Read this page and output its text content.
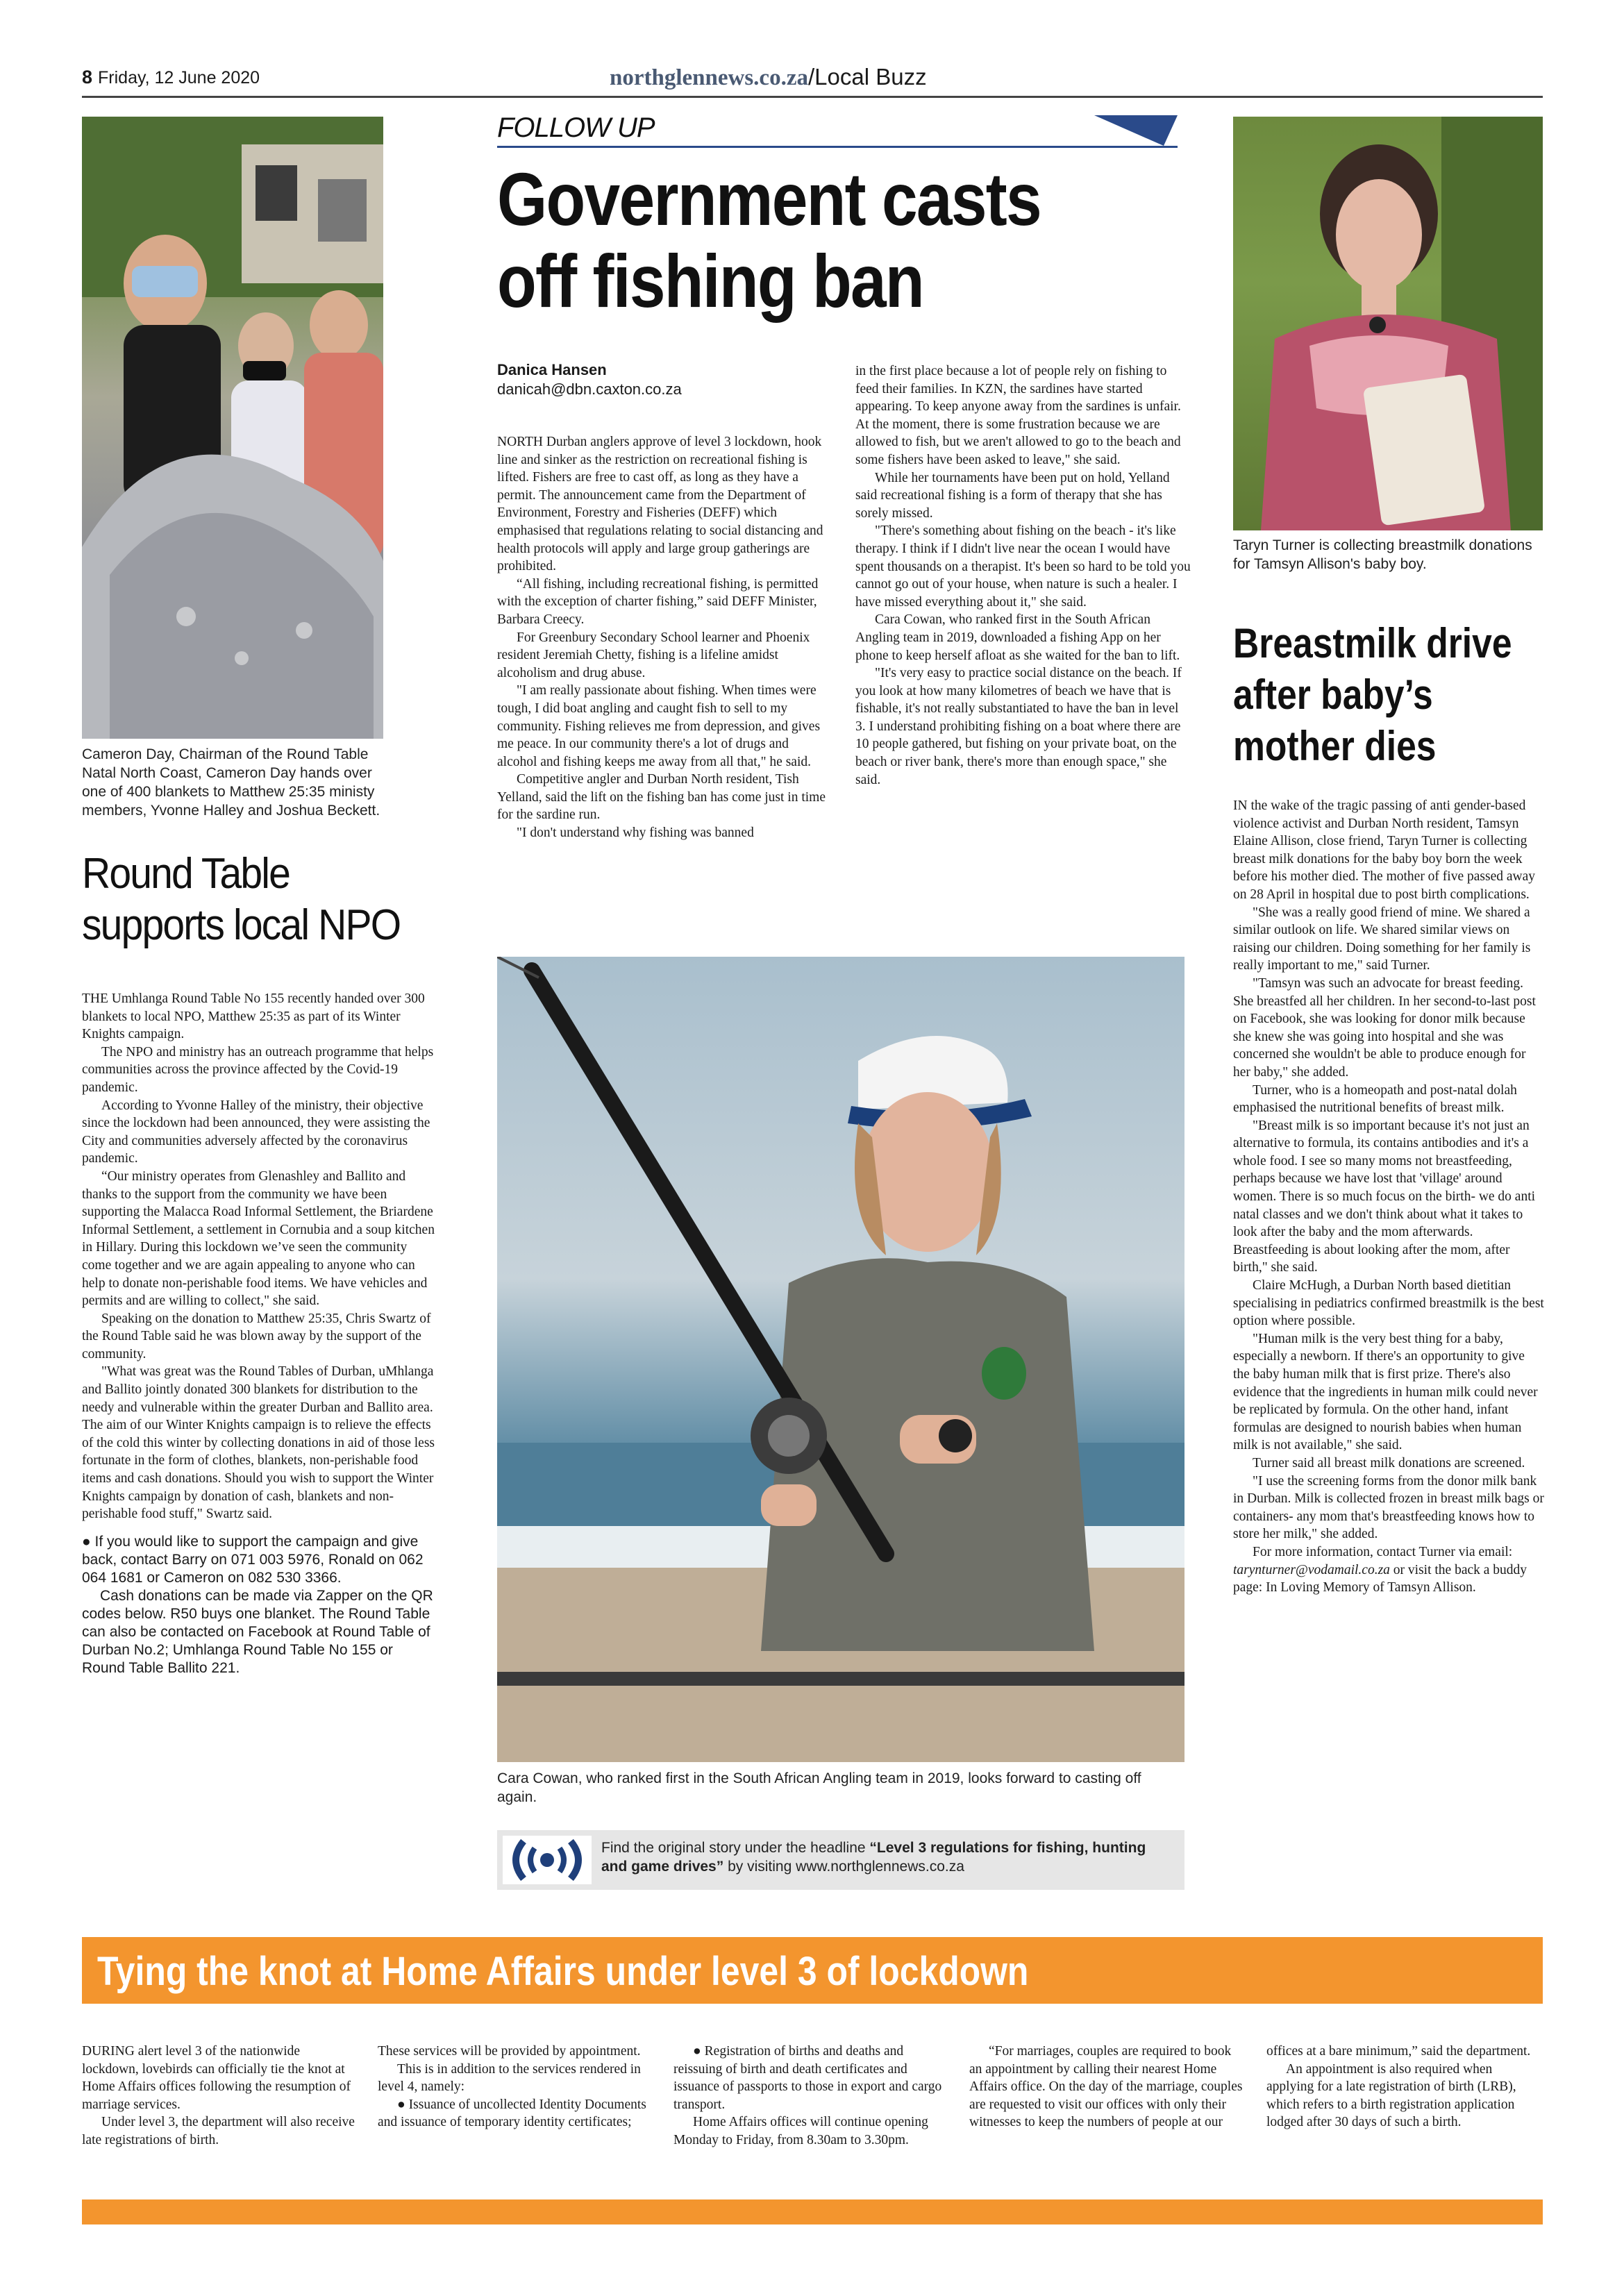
8 Friday, 12 June 2020	northglennews.co.za/Local Buzz
Cameron Day, Chairman of the Round Table Natal North Coast, Cameron Day hands over one of 400 blankets to Matthew 25:35 ministy members, Yvonne Halley and Joshua Beckett.
Round Table
supports local NPO

THE Umhlanga Round Table No 155 recently handed over 300 blankets to local NPO, Matthew 25:35 as part of its Winter Knights campaign.

The NPO and ministry has an outreach programme that helps communities across the province affected by the Covid-19 pandemic.

According to Yvonne Halley of the ministry, their objective since the lockdown had been announced, they were assisting the City and communities adversely affected by the coronavirus pandemic.

“Our ministry operates from Glenashley and Ballito and thanks to the support from the community we have been supporting the Malacca Road Informal Settlement, the Briardene Informal Settlement, a settlement in Cornubia and a soup kitchen in Hillary. During this lockdown we’ve seen the community come together and we are again appealing to anyone who can help to donate non-perishable food items. We have vehicles and permits and are willing to collect," she said.

Speaking on the donation to Matthew 25:35, Chris Swartz of the Round Table said he was blown away by the support of the community.

"What was great was the Round Tables of Durban, uMhlanga and Ballito jointly donated 300 blankets for distribution to the needy and vulnerable within the greater Durban and Ballito area. The aim of our Winter Knights campaign is to relieve the effects of the cold this winter by collecting donations in aid of those less fortunate in the form of clothes, blankets, non-perishable food items and cash donations. Should you wish to support the Winter Knights campaign by donation of cash, blankets and non-perishable food stuff," Swartz said.

● If you would like to support the campaign and give back, contact Barry on 071 003 5976, Ronald on 062 064 1681 or Cameron on 082 530 3366.

Cash donations can be made via Zapper on the QR codes below. R50 buys one blanket. The Round Table can also be contacted on Facebook at Round Table of Durban No.2; Umhlanga Round Table No 155 or Round Table Ballito 221.

FOLLOW UP
Government casts
off fishing ban
Danica Hansen
danicah@dbn.caxton.co.za

NORTH Durban anglers approve of level 3 lockdown, hook line and sinker as the restriction on recreational fishing is lifted. Fishers are free to cast off, as long as they have a permit. The announcement came from the Department of Environment, Forestry and Fisheries (DEFF) which emphasised that regulations relating to social distancing and health protocols will apply and large group gatherings are prohibited.

“All fishing, including recreational fishing, is permitted with the exception of charter fishing,” said DEFF Minister, Barbara Creecy.

For Greenbury Secondary School learner and Phoenix resident Jeremiah Chetty, fishing is a lifeline amidst alcoholism and drug abuse.

"I am really passionate about fishing. When times were tough, I did boat angling and caught fish to sell to my community. Fishing relieves me from depression, and gives me peace. In our community there's a lot of drugs and alcohol and fishing keeps me away from all that," he said.

Competitive angler and Durban North resident, Tish Yelland, said the lift on the fishing ban has come just in time for the sardine run.

"I don't understand why fishing was banned

in the first place because a lot of people rely on fishing to feed their families. In KZN, the sardines have started appearing. To keep anyone away from the sardines is unfair. At the moment, there is some frustration because we are allowed to fish, but we aren't allowed to go to the beach and some fishers have been asked to leave," she said.

While her tournaments have been put on hold, Yelland said recreational fishing is a form of therapy that she has sorely missed.

"There's something about fishing on the beach - it's like therapy. I think if I didn't live near the ocean I would have spent thousands on a therapist. It's been so hard to be told you cannot go out of your house, when nature is such a healer. I have missed everything about it," she said.

Cara Cowan, who ranked first in the South African Angling team in 2019, downloaded a fishing App on her phone to keep herself afloat as she waited for the ban to lift.

"It's very easy to practice social distance on the beach. If you look at how many kilometres of beach we have that is fishable, it's not really substantiated to have the ban in level 3. I understand prohibiting fishing on a boat where there are 10 people gathered, but fishing on your private boat, on the beach or river bank, there's more than enough space," she said.

Cara Cowan, who ranked first in the South African Angling team in 2019, looks forward to casting off again.
Find the original story under the headline “Level 3 regulations for fishing, hunting and game drives” by visiting www.northglennews.co.za
Taryn Turner is collecting breastmilk donations for Tamsyn Allison's baby boy.
Breastmilk drive
after baby’s
mother dies

IN the wake of the tragic passing of anti gender-based violence activist and Durban North resident, Tamsyn Elaine Allison, close friend, Taryn Turner is collecting breast milk donations for the baby boy born the week before his mother died. The mother of five passed away on 28 April in hospital due to post birth complications.

"She was a really good friend of mine. We shared a similar outlook on life. We shared similar views on raising our children. Doing something for her family is really important to me," said Turner.

"Tamsyn was such an advocate for breast feeding. She breastfed all her children. In her second-to-last post on Facebook, she was looking for donor milk because she knew she was going into hospital and she was concerned she wouldn't be able to produce enough for her baby," she added.

Turner, who is a homeopath and post-natal dolah emphasised the nutritional benefits of breast milk.

"Breast milk is so important because it's not just an alternative to formula, its contains antibodies and it's a whole food. I see so many moms not breastfeeding, perhaps because we have lost that 'village' around women. There is so much focus on the birth- we do anti natal classes and we don't think about what it takes to look after the baby and the mom afterwards. Breastfeeding is about looking after the mom, after birth," she said.

Claire McHugh, a Durban North based dietitian specialising in pediatrics confirmed breastmilk is the best option where possible.

"Human milk is the very best thing for a baby, especially a newborn. If there's an opportunity to give the baby human milk that is first prize. There's also evidence that the ingredients in human milk could never be replicated by formula. On the other hand, infant formulas are designed to nourish babies when human milk is not available," she said.

Turner said all breast milk donations are screened.

"I use the screening forms from the donor milk bank in Durban. Milk is collected frozen in breast milk bags or containers- any mom that's breastfeeding knows how to store her milk," she added.

For more information, contact Turner via email: tarynturner@vodamail.co.za or visit the back a buddy page: In Loving Memory of Tamsyn Allison.

Tying the knot at Home Affairs under level 3 of lockdown

DURING alert level 3 of the nationwide lockdown, lovebirds can officially tie the knot at Home Affairs offices following the resumption of marriage services.

Under level 3, the department will also receive late registrations of birth.

These services will be provided by appointment.

This is in addition to the services rendered in level 4, namely:

● Issuance of uncollected Identity Documents and issuance of temporary identity certificates;

● Registration of births and deaths and reissuing of birth and death certificates and issuance of passports to those in export and cargo transport.

Home Affairs offices will continue opening Monday to Friday, from 8.30am to 3.30pm.

“For marriages, couples are required to book an appointment by calling their nearest Home Affairs office. On the day of the marriage, couples are requested to visit our offices with only their witnesses to keep the numbers of people at our

offices at a bare minimum,” said the department.

An appointment is also required when applying for a late registration of birth (LRB), which refers to a birth registration application lodged after 30 days of such a birth.
